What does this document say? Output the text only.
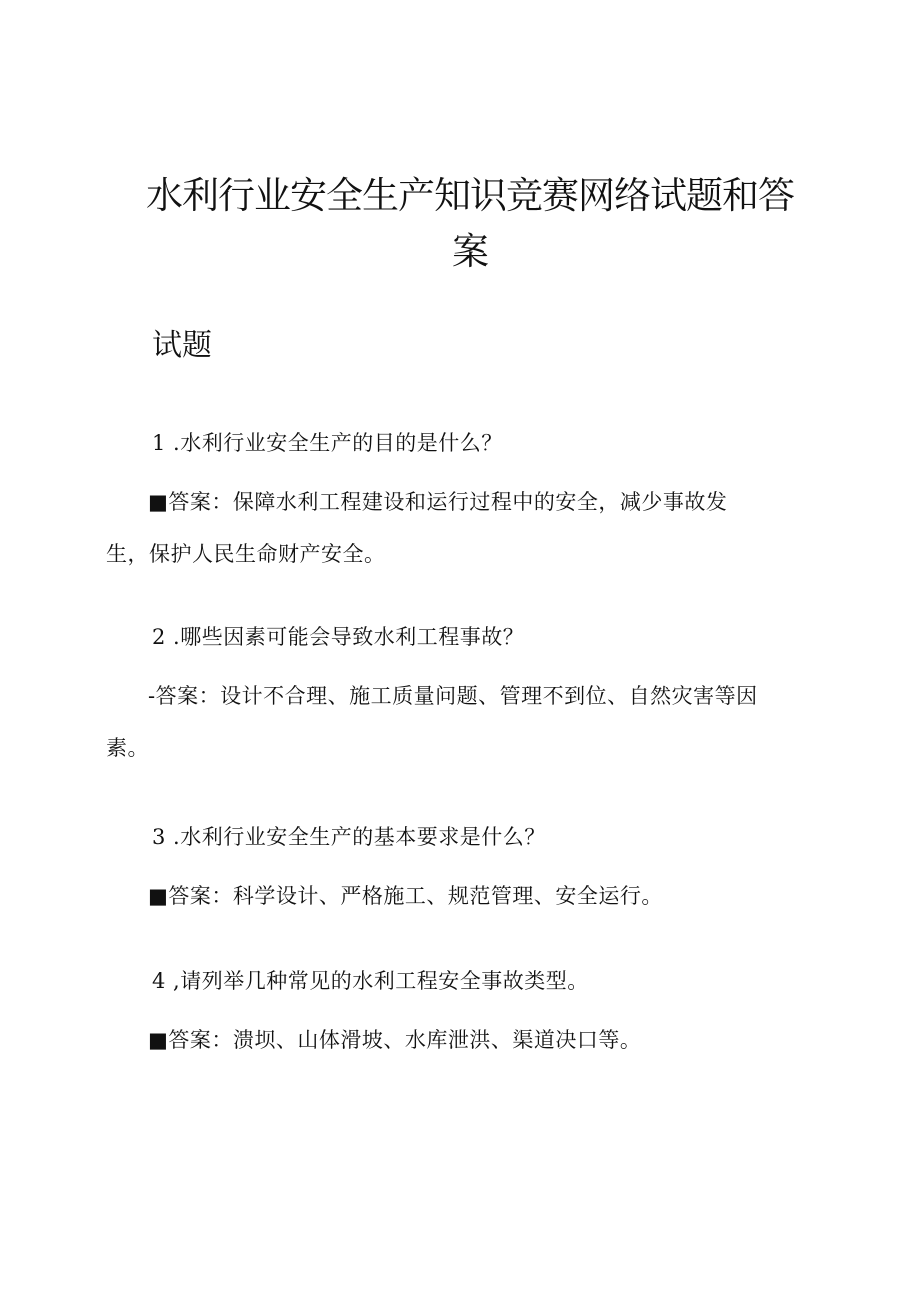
水利行业安全生产知识竞赛网络试题和答案
试题

1 .水利行业安全生产的目的是什么？

■答案：保障水利工程建设和运行过程中的安全，减少事故发生，保护人民生命财产安全。

2 .哪些因素可能会导致水利工程事故？

-答案：设计不合理、施工质量问题、管理不到位、自然灾害等因素。

3 .水利行业安全生产的基本要求是什么？

■答案：科学设计、严格施工、规范管理、安全运行。

4 ,请列举几种常见的水利工程安全事故类型。

■答案：溃坝、山体滑坡、水库泄洪、渠道决口等。
